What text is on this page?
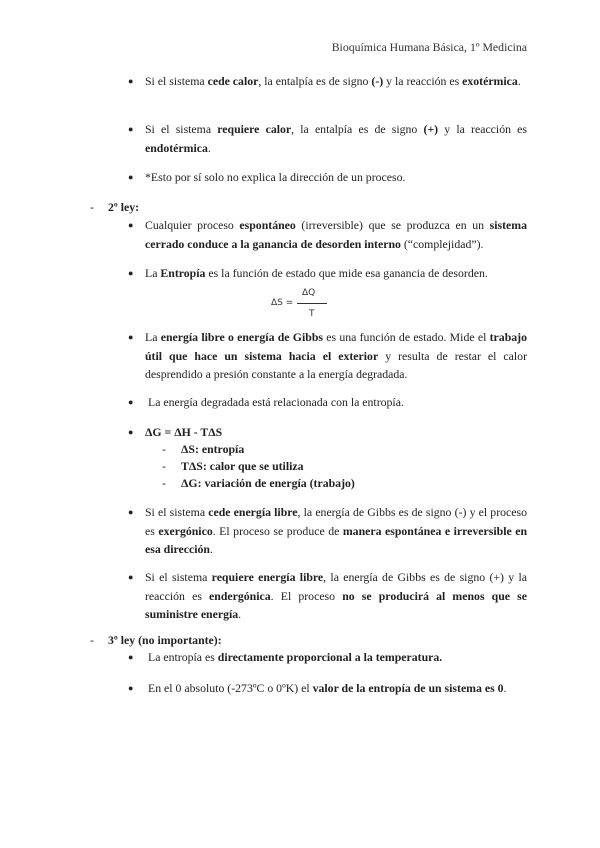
Bioquímica Humana Básica, 1º Medicina
● Si el sistema cede calor, la entalpía es de signo (-) y la reacción es exotérmica.
● Si el sistema requiere calor, la entalpía es de signo (+) y la reacción es endotérmica.
● *Esto por sí solo no explica la dirección de un proceso.
- 2º ley:
● Cualquier proceso espontáneo (irreversible) que se produzca en un sistema cerrado conduce a la ganancia de desorden interno (“complejidad”).
● La Entropía es la función de estado que mide esa ganancia de desorden.
ΔS =
ΔQ
T
● La energía libre o energía de Gibbs es una función de estado. Mide el trabajo útil que hace un sistema hacia el exterior y resulta de restar el calor desprendido a presión constante a la energía degradada.
● La energía degradada está relacionada con la entropía.
● ΔG = ΔH - TΔS
- ΔS: entropía
- TΔS: calor que se utiliza
- ΔG: variación de energía (trabajo)
● Si el sistema cede energía libre, la energía de Gibbs es de signo (-) y el proceso es exergónico. El proceso se produce de manera espontánea e irreversible en esa dirección.
● Si el sistema requiere energía libre, la energía de Gibbs es de signo (+) y la reacción es endergónica. El proceso no se producirá al menos que se suministre energía.
- 3º ley (no importante):
● La entropía es directamente proporcional a la temperatura.
● En el 0 absoluto (-273ºC o 0ºK) el valor de la entropía de un sistema es 0.
